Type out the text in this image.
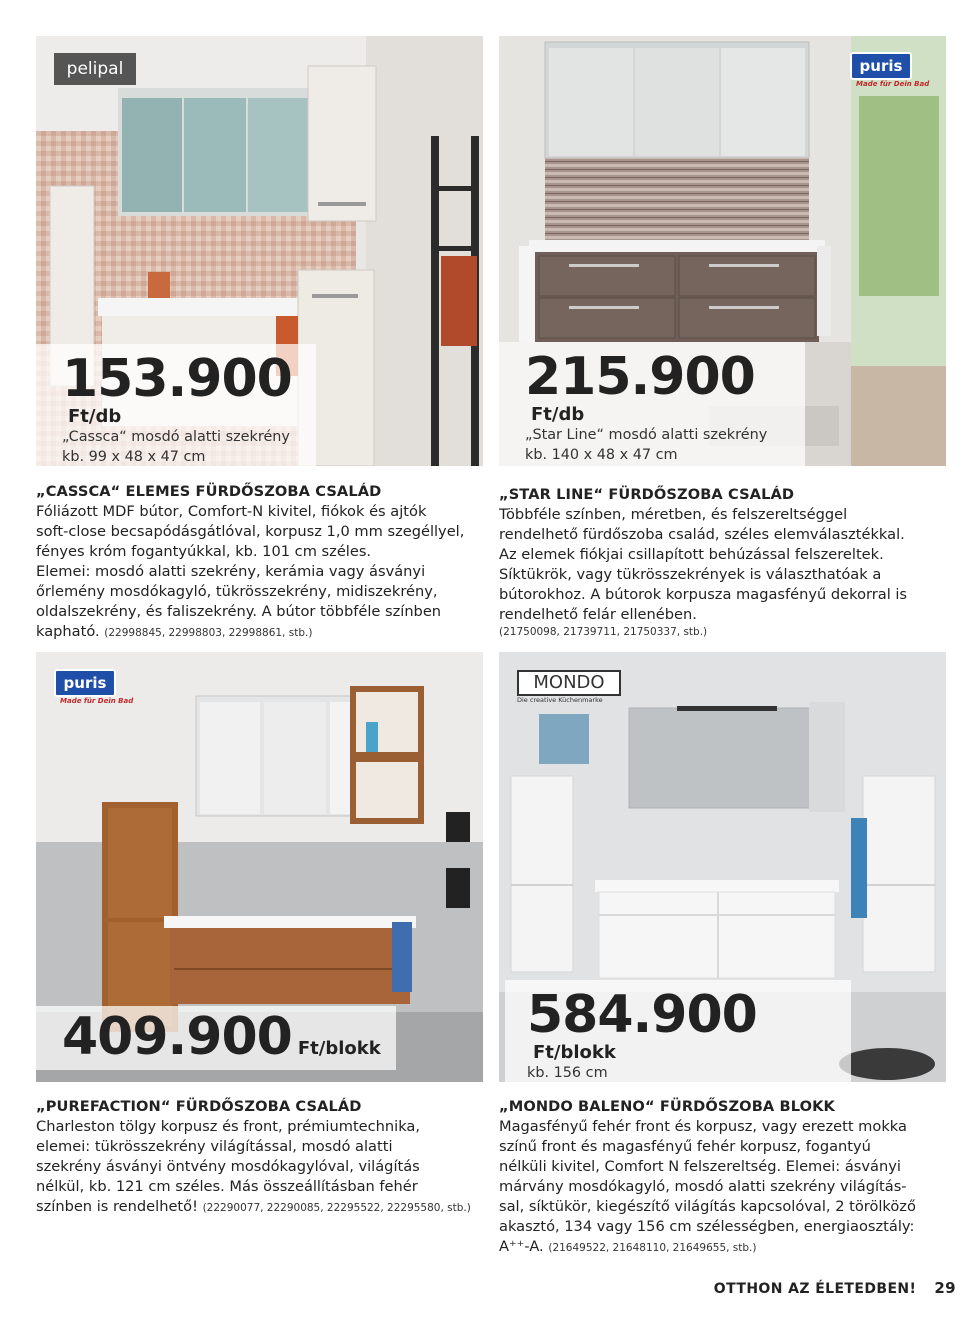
pelipal
153.900Ft/db
„Cassca“ mosdó alatti szekrény
kb. 99 x 48 x 47 cm
„CASSCA“ ELEMES FÜRDŐSZOBA CSALÁD
Fóliázott MDF bútor, Comfort-N kivitel, fiókok és ajtók
soft-close becsapódásgátlóval, korpusz 1,0 mm szegéllyel,
fényes króm fogantyúkkal, kb. 101 cm széles.
Elemei: mosdó alatti szekrény, kerámia vagy ásványi
őrlemény mosdókagyló, tükrösszekrény, midiszekrény,
oldalszekrény, és faliszekrény. A bútor többféle színben
kapható. (22998845, 22998803, 22998861, stb.)
puris
Made für Dein Bad
215.900Ft/db
„Star Line“ mosdó alatti szekrény
kb. 140 x 48 x 47 cm
„STAR LINE“ FÜRDŐSZOBA CSALÁD
Többféle színben, méretben, és felszereltséggel
rendelhető fürdőszoba család, széles elemválasztékkal.
Az elemek fiókjai csillapított behúzással felszereltek.
Síktükrök, vagy tükrösszekrények is választhatóak a
bútorokhoz. A bútorok korpusza magasfényű dekorral is
rendelhető felár ellenében.
(21750098, 21739711, 21750337, stb.)
puris
Made für Dein Bad
409.900 Ft/blokk
„PUREFACTION“ FÜRDŐSZOBA CSALÁD
Charleston tölgy korpusz és front, prémiumtechnika,
elemei: tükrösszekrény világítással, mosdó alatti
szekrény ásványi öntvény mosdókagylóval, világítás
nélkül, kb. 121 cm széles. Más összeállításban fehér
színben is rendelhető! (22290077, 22290085, 22295522, 22295580, stb.)
MONDO
Die creative Küchenmarke
584.900Ft/blokk
kb. 156 cm
„MONDO BALENO“ FÜRDŐSZOBA BLOKK
Magasfényű fehér front és korpusz, vagy erezett mokka
színű front és magasfényű fehér korpusz, fogantyú
nélküli kivitel, Comfort N felszereltség. Elemei: ásványi
márvány mosdókagyló, mosdó alatti szekrény világítás-
sal, síktükör, kiegészítő világítás kapcsolóval, 2 törölköző
akasztó, 134 vagy 156 cm szélességben, energiaosztály:
A⁺⁺-A. (21649522, 21648110, 21649655, stb.)
OTTHON AZ ÉLETEDBEN! 29
